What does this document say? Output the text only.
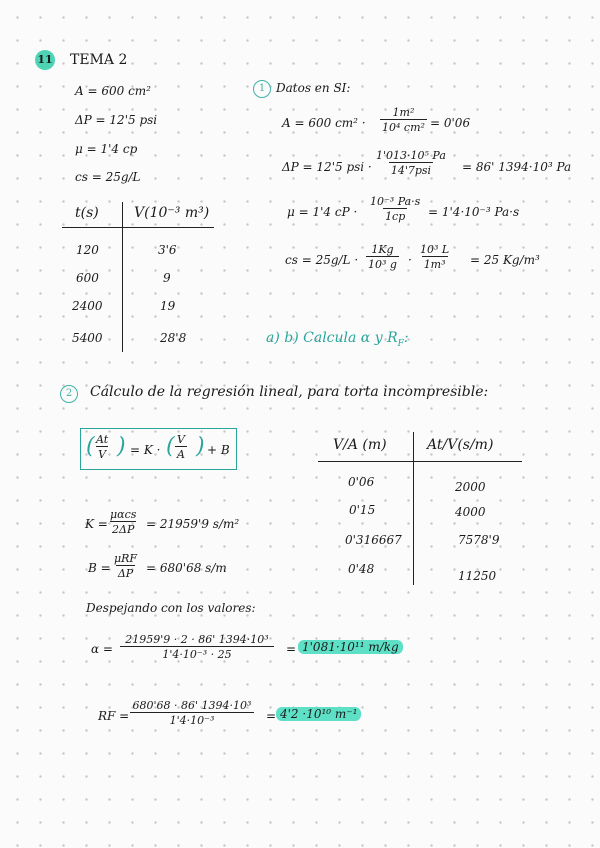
11 TEMA 2
A = 600 cm²
ΔP = 12'5 psi
μ = 1'4 cp
cs = 25g/L
t(s)	V(10⁻³ m³)
120	3'6
600	9
2400	19
5400	28'8
1 Datos en SI:
A = 600 $cm^2 \cdot \frac{\text{1m²}}{\text{10⁴ cm²}} = 0'06$
ΔP = 12'5 psi ·
1'013·10⁵ Pa
14'7psi	= 86' 1394·10³ Pa
μ = 1'4 cP · $\frac{\text{10⁻³ Pa·s}}{1cp} = 1'4\cdot 10^{-3}$ Pa·s
cs = $25g/L \cdot \frac{1Kg}{\text{10³ g}} \cdot \frac{\text{10³ L}}{\text{1m³}} = 25$ Kg/m³
a) b) Calcula α y $R_F$:
2	Cálculo de la regresión lineal, para torta incompresible:
( $\frac{At}{V}$ ) = K · ( $\frac{V}{A}$ ) + B	V/A (m)	At/V(s/m)
0'06	2000
0'15	4000
0'316667	7578'9
0'48	11250
K =
μαcs
2ΔP = 21959'9 s/m²
B =
μRF
ΔP = 680'68 s/m
Despejando con los valores:
$\alpha = \frac{\text{21959'9 · 2 · 86' 1394·10³}}{\text{1'4·10⁻³ · 25}} = 1'081\cdot 10^{11}$ m/kg
RF = $\frac{\text{680'68 · 86' 1394·10³}}{\text{1'4·10⁻³}} = 4'2 \cdot 10^{10}$ m⁻¹
